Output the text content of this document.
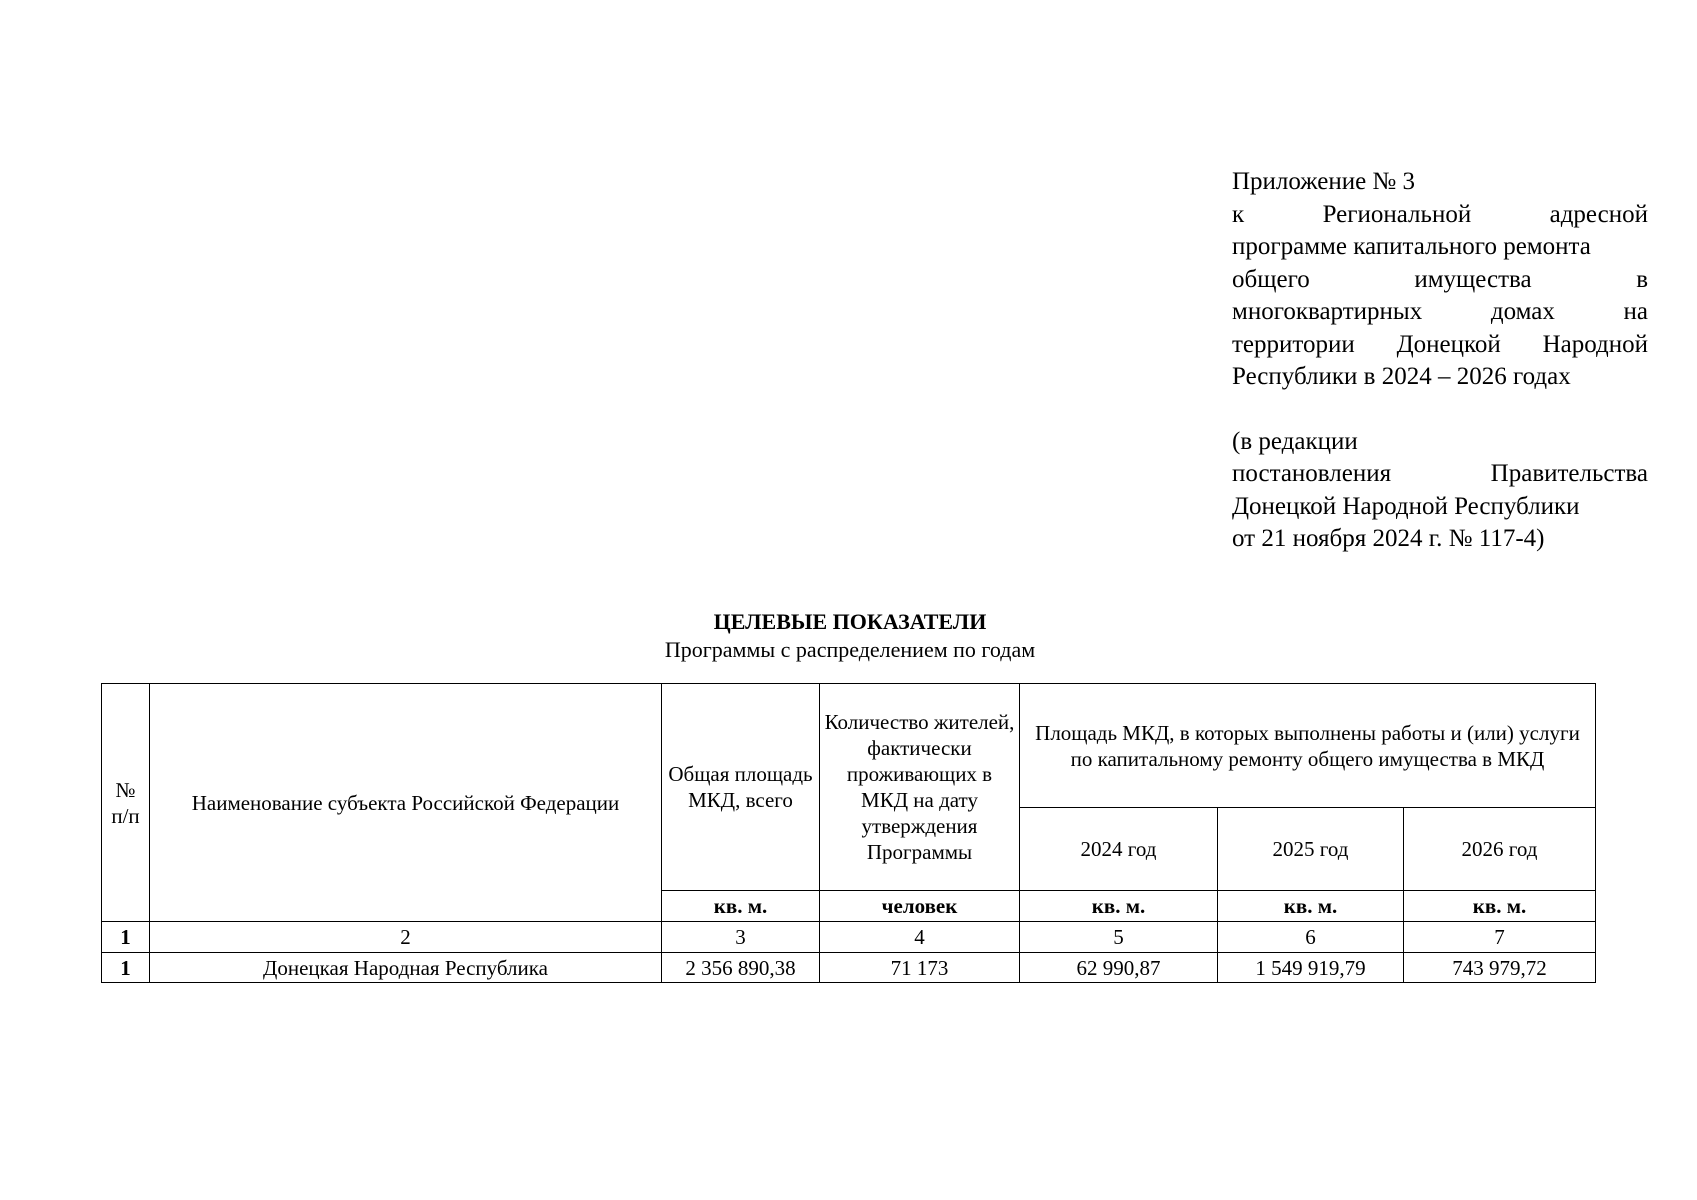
Приложение № 3
к	Региональной	адресной
программе капитального ремонта
общего	имущества	в
многоквартирных	домах	на
территории Донецкой Народной
Республики в 2024 – 2026 годах
(в редакции
постановления	Правительства
Донецкой Народной Республики
от 21 ноября 2024 г. № 117-4)
ЦЕЛЕВЫЕ ПОКАЗАТЕЛИ
Программы с распределением по годам
№ п/п	Наименование субъекта Российской Федерации	Общая площадь МКД, всего	Количество жителей, фактически проживающих в МКД на дату утверждения Программы	Площадь МКД, в которых выполнены работы и (или) услуги по капитальному ремонту общего имущества в МКД		
				2024 год	2025 год	2026 год
		кв. м.	человек	кв. м.	кв. м.	кв. м.
1	2	3	4	5	6	7
1	Донецкая Народная Республика	2 356 890,38	71 173	62 990,87	1 549 919,79	743 979,72
